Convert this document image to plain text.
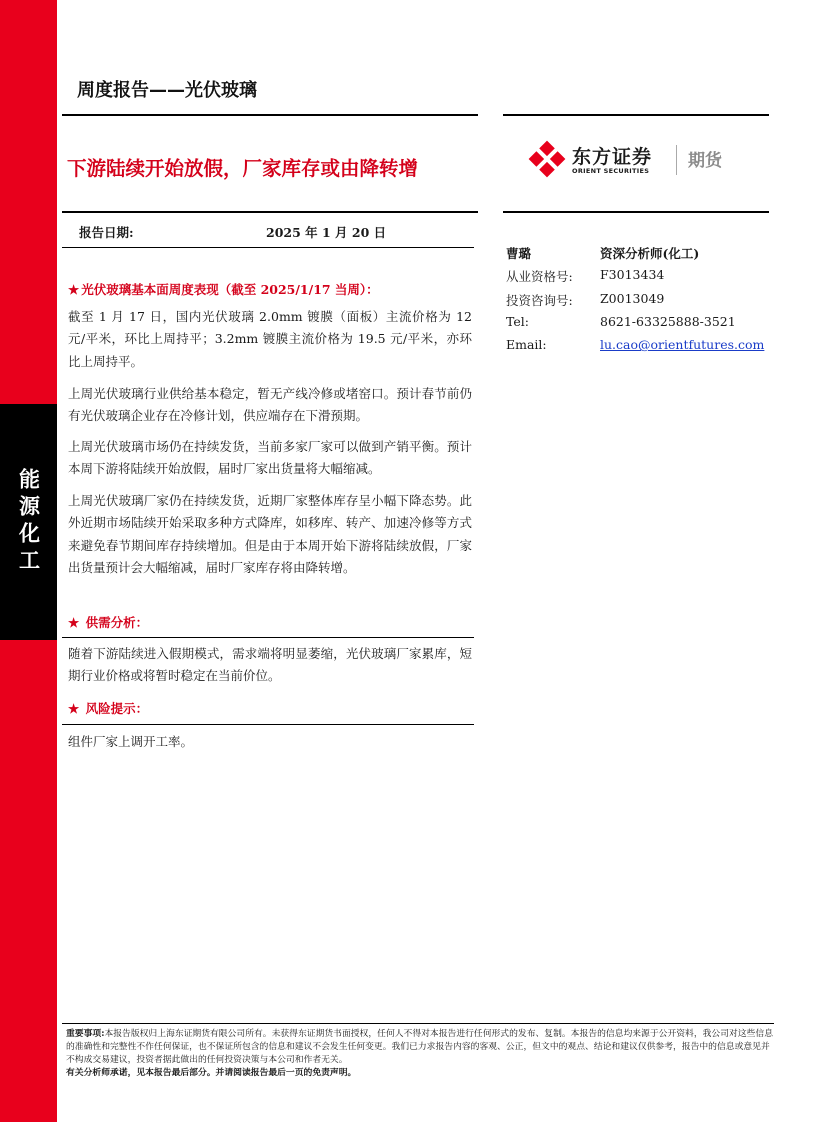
能源化工
周度报告——光伏玻璃
下游陆续开始放假，厂家库存或由降转增	东方证券
ORIENT SECURITIES 期货
报告日期:	2025 年 1 月 20 日
曹璐	资深分析师(化工)
从业资格号:	F3013434
投资咨询号:	Z0013049
Tel:	8621-63325888-3521
Email:	lu.cao@orientfutures.com
★ 光伏玻璃基本面周度表现（截至 2025/1/17 当周）：
截至 1 月 17 日，国内光伏玻璃 2.0mm 镀膜（面板）主流价格为 12 元/平米，环比上周持平；3.2mm 镀膜主流价格为 19.5 元/平米，亦环比上周持平。
上周光伏玻璃行业供给基本稳定，暂无产线冷修或堵窑口。预计春节前仍有光伏玻璃企业存在冷修计划，供应端存在下滑预期。
上周光伏玻璃市场仍在持续发货，当前多家厂家可以做到产销平衡。预计本周下游将陆续开始放假，届时厂家出货量将大幅缩减。
上周光伏玻璃厂家仍在持续发货，近期厂家整体库存呈小幅下降态势。此外近期市场陆续开始采取多种方式降库，如移库、转产、加速冷修等方式来避免春节期间库存持续增加。但是由于本周开始下游将陆续放假，厂家出货量预计会大幅缩减，届时厂家库存将由降转增。
★ 供需分析：
随着下游陆续进入假期模式，需求端将明显萎缩，光伏玻璃厂家累库，短期行业价格或将暂时稳定在当前价位。
★ 风险提示：
组件厂家上调开工率。
重要事项:本报告版权归上海东证期货有限公司所有。未获得东证期货书面授权，任何人不得对本报告进行任何形式的发布、复制。本报告的信息均来源于公开资料，我公司对这些信息的准确性和完整性不作任何保证，也不保证所包含的信息和建议不会发生任何变更。我们已力求报告内容的客观、公正，但文中的观点、结论和建议仅供参考，报告中的信息或意见并不构成交易建议，投资者据此做出的任何投资决策与本公司和作者无关。
有关分析师承诺，见本报告最后部分。并请阅读报告最后一页的免责声明。
